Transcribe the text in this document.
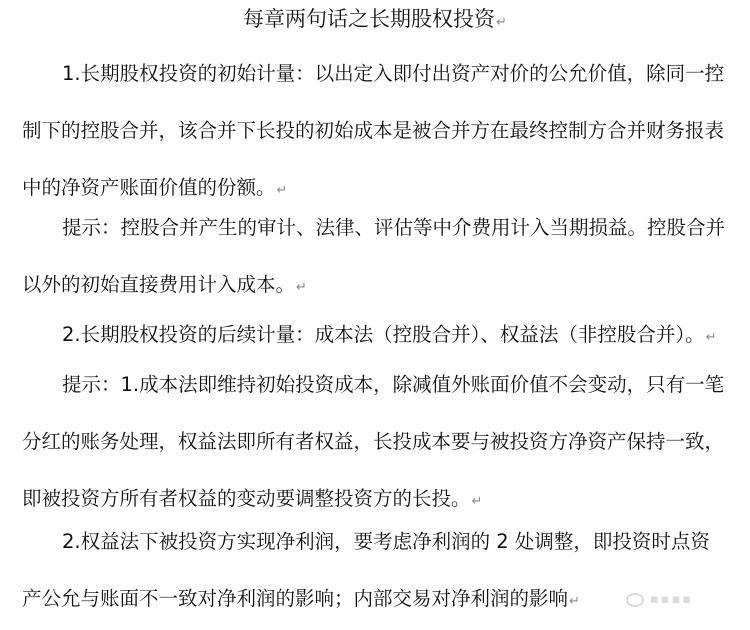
每章两句话之长期股权投资↵
1.长期股权投资的初始计量：以出定入即付出资产对价的公允价值，除同一控制下的控股合并，该合并下长投的初始成本是被合并方在最终控制方合并财务报表中的净资产账面价值的份额。↵
提示：控股合并产生的审计、法律、评估等中介费用计入当期损益。控股合并以外的初始直接费用计入成本。↵
2.长期股权投资的后续计量：成本法（控股合并）、权益法（非控股合并）。↵
提示：1.成本法即维持初始投资成本，除减值外账面价值不会变动，只有一笔分红的账务处理，权益法即所有者权益，长投成本要与被投资方净资产保持一致，即被投资方所有者权益的变动要调整投资方的长投。↵
2.权益法下被投资方实现净利润，要考虑净利润的 2 处调整，即投资时点资产公允与账面不一致对净利润的影响；内部交易对净利润的影响↵	▪▪▪▪
